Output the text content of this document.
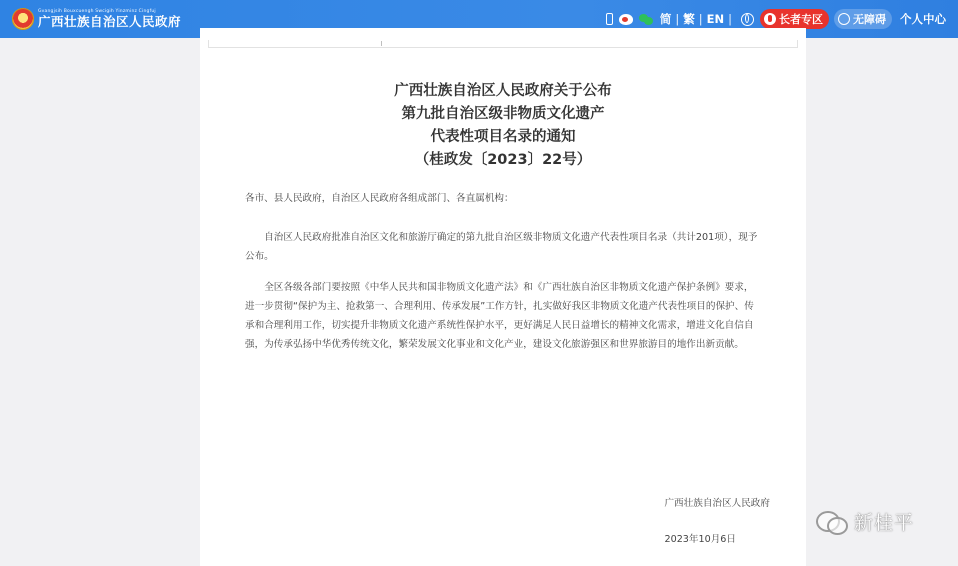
Gvangjsih Bouxcuengh Swcigih Yinzminz Cingfuj
广西壮族自治区人民政府	简 | 繁 | EN |	长者专区	无障碍 个人中心
广西壮族自治区人民政府关于公布
第九批自治区级非物质文化遗产
代表性项目名录的通知
（桂政发〔2023〕22号）
各市、县人民政府，自治区人民政府各组成部门、各直属机构：
自治区人民政府批准自治区文化和旅游厅确定的第九批自治区级非物质文化遗产代表性项目名录（共计201项），现予公布。
全区各级各部门要按照《中华人民共和国非物质文化遗产法》和《广西壮族自治区非物质文化遗产保护条例》要求，进一步贯彻“保护为主、抢救第一、合理利用、传承发展”工作方针，扎实做好我区非物质文化遗产代表性项目的保护、传承和合理利用工作，切实提升非物质文化遗产系统性保护水平，更好满足人民日益增长的精神文化需求，增进文化自信自强，为传承弘扬中华优秀传统文化，繁荣发展文化事业和文化产业，建设文化旅游强区和世界旅游目的地作出新贡献。
广西壮族自治区人民政府
2023年10月6日
新桂平
